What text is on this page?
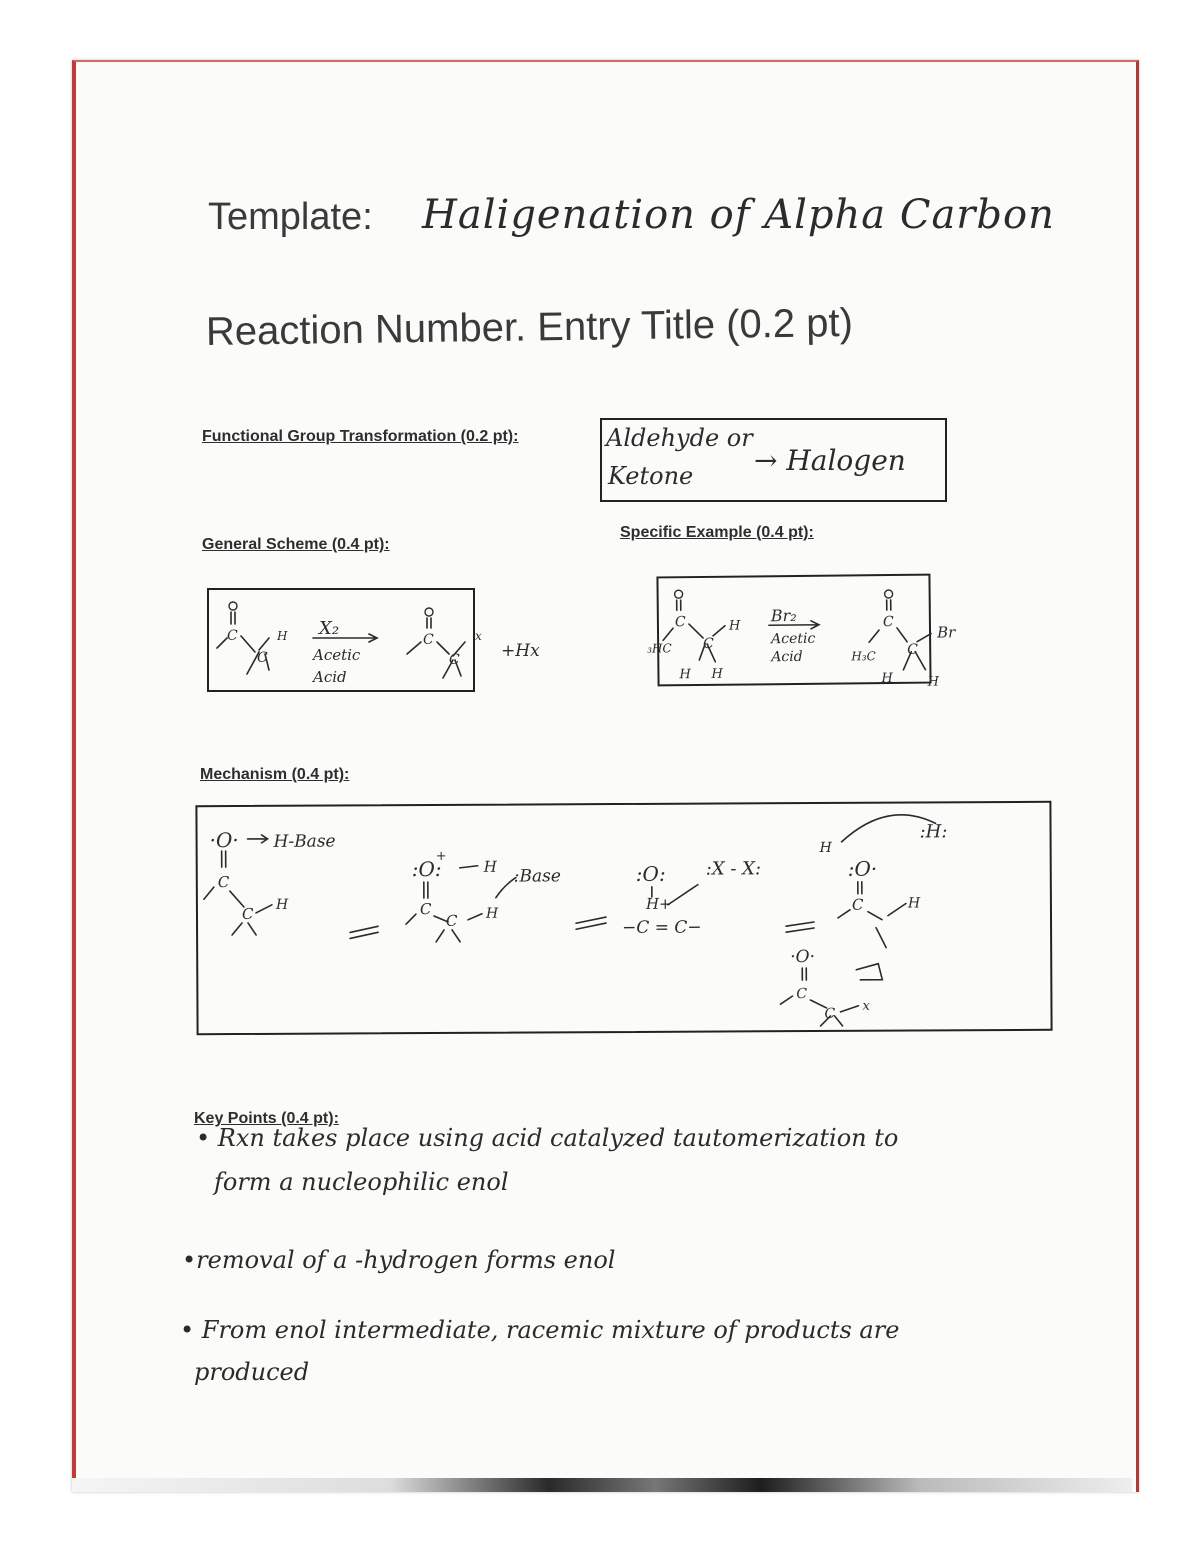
Template: Haligenation of Alpha Carbon
Reaction Number. Entry Title (0.2 pt)
Functional Group Transformation (0.2 pt):	Aldehyde or
Ketone → Halogen
General Scheme (0.4 pt):
C
C
H X₂
Acetic
Acid
C
C
x
+Hx
Specific Example (0.4 pt):
C
₃HC C
H
H H
Br₂
Acetic
Acid	H₃C
C
C
Br
H	H
Mechanism (0.4 pt):
·O·
C
C
H
H-Base
:O:
+
H
C
C H
:Base	:O:
H+
−C = C−
:X - X:
H
:H:
:O·
C	H
·O·
C
C x
Key Points (0.4 pt):
• Rxn takes place using acid catalyzed tautomerization to
form a nucleophilic enol
•removal of a -hydrogen forms enol
• From enol intermediate, racemic mixture of products are
produced
